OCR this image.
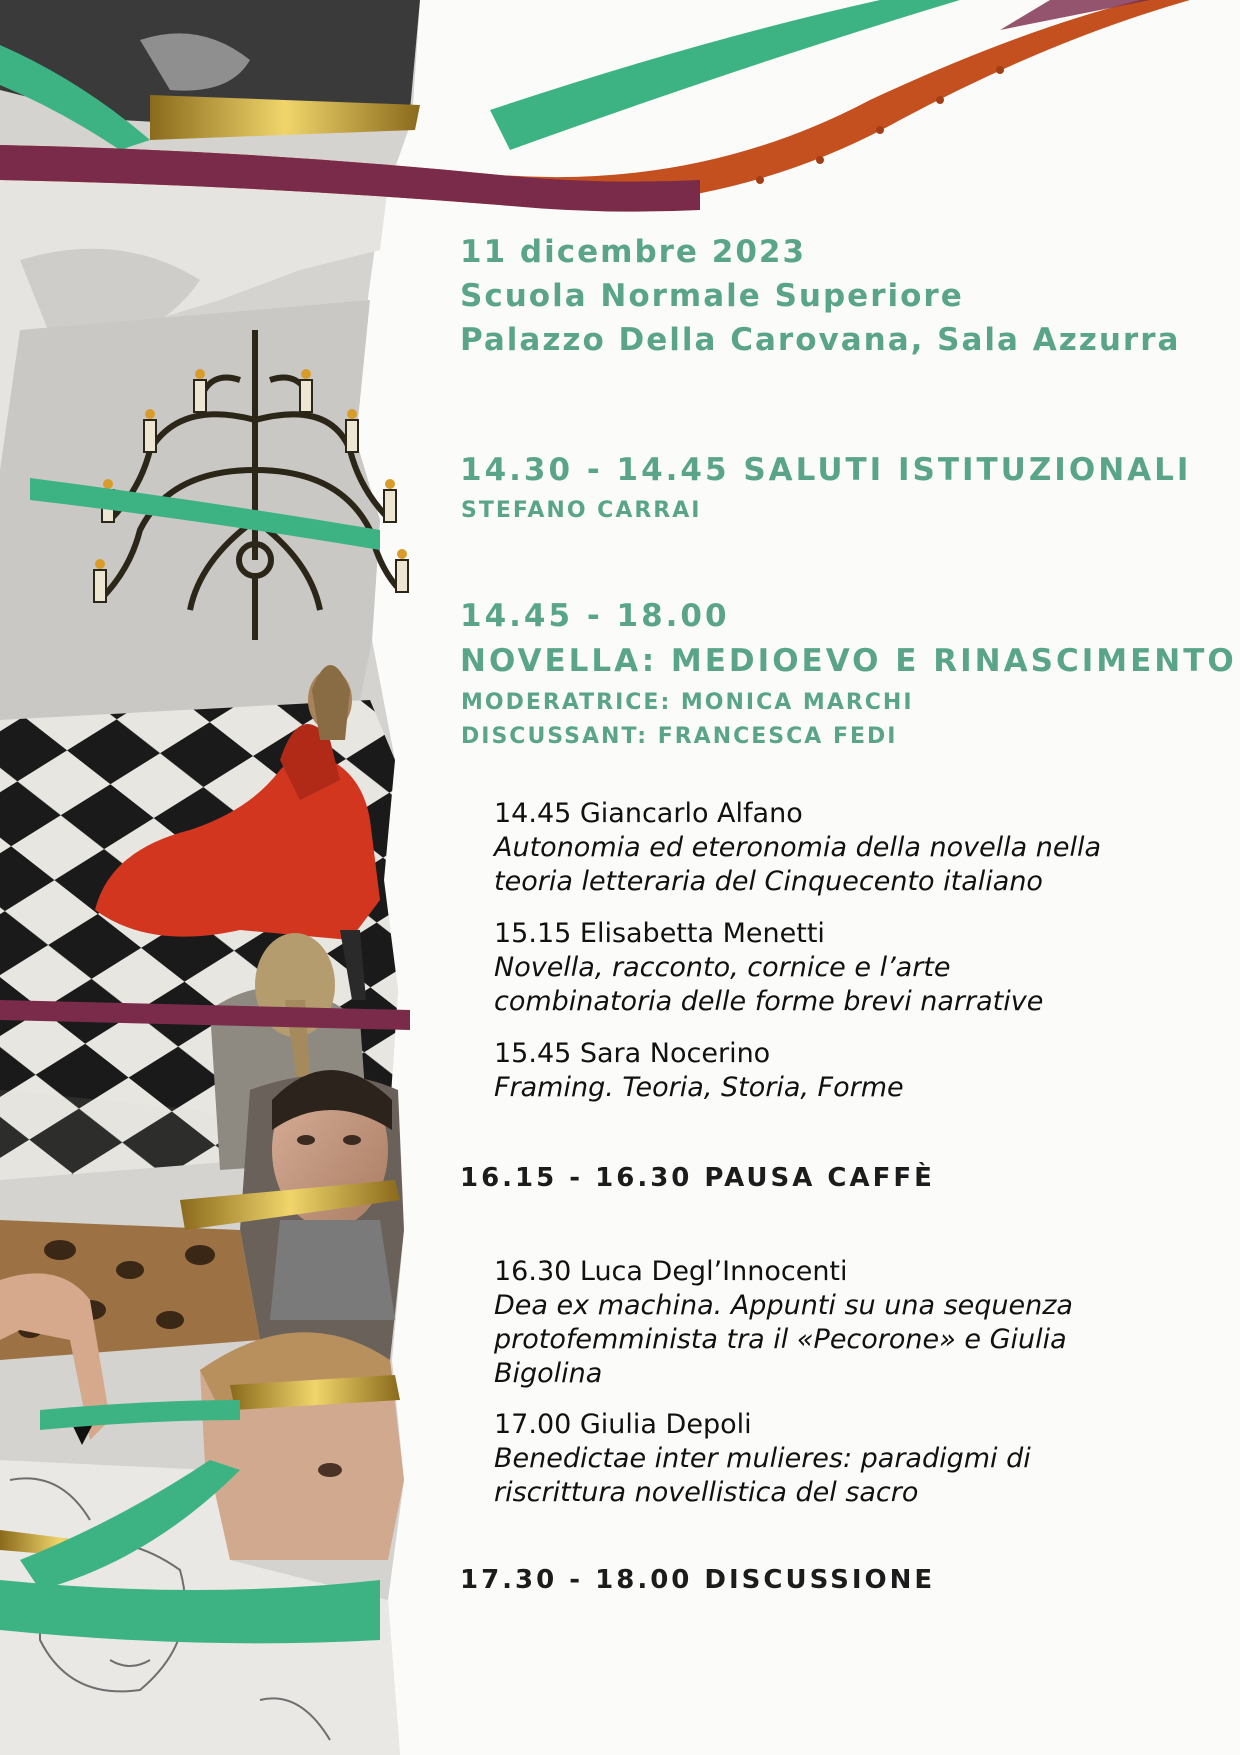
11 dicembre 2023

Scuola Normale Superiore

Palazzo Della Carovana, Sala Azzurra

14.30 - 14.45 SALUTI ISTITUZIONALI

STEFANO CARRAI

14.45 - 18.00

NOVELLA: MEDIOEVO E RINASCIMENTO

MODERATRICE: MONICA MARCHI

DISCUSSANT: FRANCESCA FEDI

14.45 Giancarlo Alfano
Autonomia ed eteronomia della novella nella
teoria letteraria del Cinquecento italiano
15.15 Elisabetta Menetti
Novella, racconto, cornice e l’arte
combinatoria delle forme brevi narrative
15.45 Sara Nocerino
Framing. Teoria, Storia, Forme

16.15 - 16.30 PAUSA CAFFÈ

16.30 Luca Degl’Innocenti
Dea ex machina. Appunti su una sequenza
protofemminista tra il «Pecorone» e Giulia
Bigolina
17.00 Giulia Depoli
Benedictae inter mulieres: paradigmi di
riscrittura novellistica del sacro

17.30 - 18.00 DISCUSSIONE
